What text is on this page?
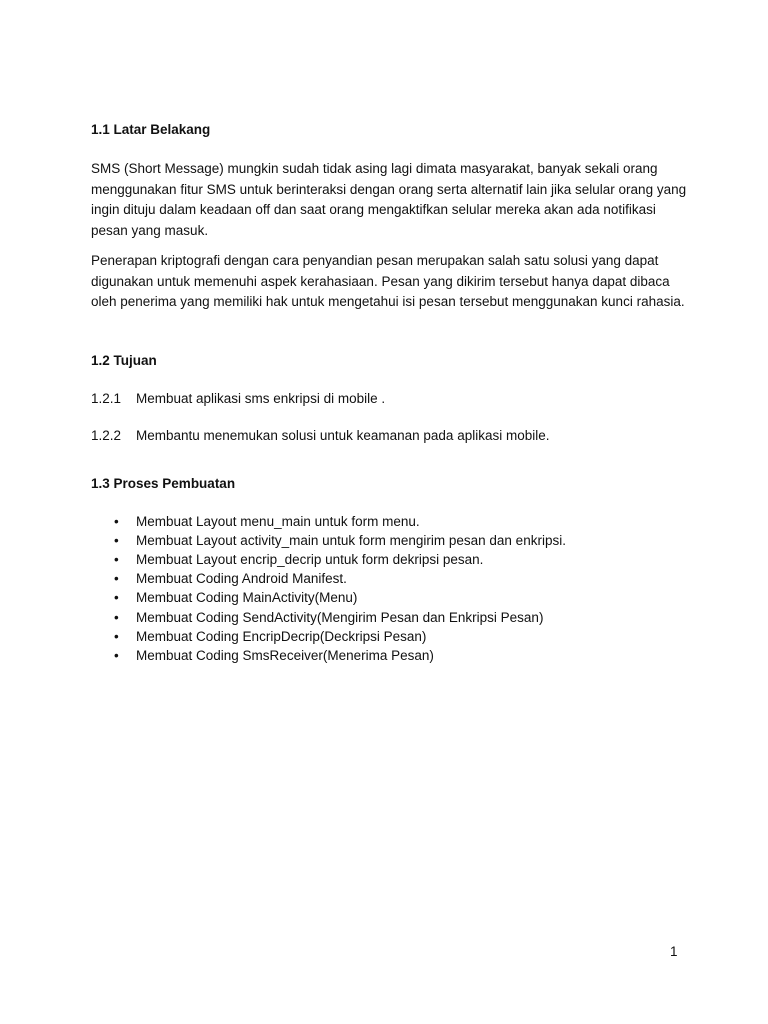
1.1 Latar Belakang

SMS (Short Message) mungkin sudah tidak asing lagi dimata masyarakat, banyak sekali orang menggunakan fitur SMS untuk berinteraksi dengan orang serta alternatif lain jika selular orang yang ingin dituju dalam keadaan off dan saat orang mengaktifkan selular mereka akan ada notifikasi pesan yang masuk.

Penerapan kriptografi dengan cara penyandian pesan merupakan salah satu solusi yang dapat digunakan untuk memenuhi aspek kerahasiaan. Pesan yang dikirim tersebut hanya dapat dibaca oleh penerima yang memiliki hak untuk mengetahui isi pesan tersebut menggunakan kunci rahasia.

1.2 Tujuan

1.2.1	Membuat aplikasi sms enkripsi di mobile .
1.2.2	Membantu menemukan solusi untuk keamanan pada aplikasi mobile.

1.3 Proses Pembuatan

•	Membuat Layout menu_main untuk form menu.
•	Membuat Layout activity_main untuk form mengirim pesan dan enkripsi.
•	Membuat Layout encrip_decrip untuk form dekripsi pesan.
•	Membuat Coding Android Manifest.
•	Membuat Coding MainActivity(Menu)
•	Membuat Coding SendActivity(Mengirim Pesan dan Enkripsi Pesan)
•	Membuat Coding EncripDecrip(Deckripsi Pesan)
•	Membuat Coding SmsReceiver(Menerima Pesan)
1
